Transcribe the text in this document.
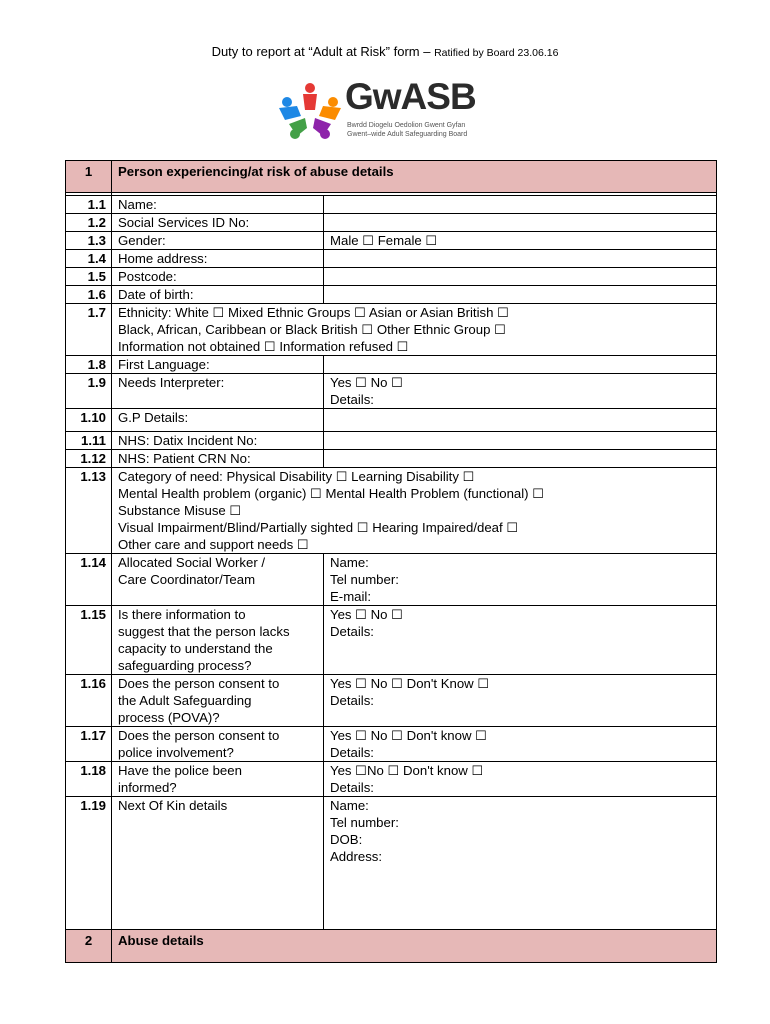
Duty to report at “Adult at Risk” form – Ratified by Board 23.06.16
GwASB
Bwrdd Diogelu Oedolion Gwent Gyfan
Gwent–wide Adult Safeguarding Board
1	Person experiencing/at risk of abuse details	

1.1	Name:	
1.2	Social Services ID No:	
1.3	Gender:	Male ☐ Female ☐
1.4	Home address:	
1.5	Postcode:	
1.6	Date of birth:	
1.7	Ethnicity: White ☐ Mixed Ethnic Groups ☐ Asian or Asian British ☐
Black, African, Caribbean or Black British ☐ Other Ethnic Group ☐
Information not obtained ☐ Information refused ☐	

1.8	First Language:	
1.9	Needs Interpreter:	Yes ☐ No ☐
Details:

1.10	G.P Details:	
1.11	NHS: Datix Incident No:	
1.12	NHS: Patient CRN No:	
1.13	Category of need: Physical Disability ☐ Learning Disability ☐
Mental Health problem (organic) ☐ Mental Health Problem (functional) ☐
Substance Misuse ☐
Visual Impairment/Blind/Partially sighted ☐ Hearing Impaired/deaf ☐
Other care and support needs ☐	

1.14	Allocated Social Worker /
Care Coordinator/Team	Name:
Tel number:
E-mail:

1.15	Is there information to
suggest that the person lacks
capacity to understand the
safeguarding process?	Yes ☐ No ☐
Details:

1.16	Does the person consent to
the Adult Safeguarding
process (POVA)?	Yes ☐ No ☐ Don't Know ☐
Details:

1.17	Does the person consent to
police involvement?	Yes ☐ No ☐ Don't know ☐
Details:

1.18	Have the police been
informed?	Yes ☐No ☐ Don't know ☐
Details:

1.19	Next Of Kin details	Name:
Tel number:
DOB:
Address:

2	Abuse details	
